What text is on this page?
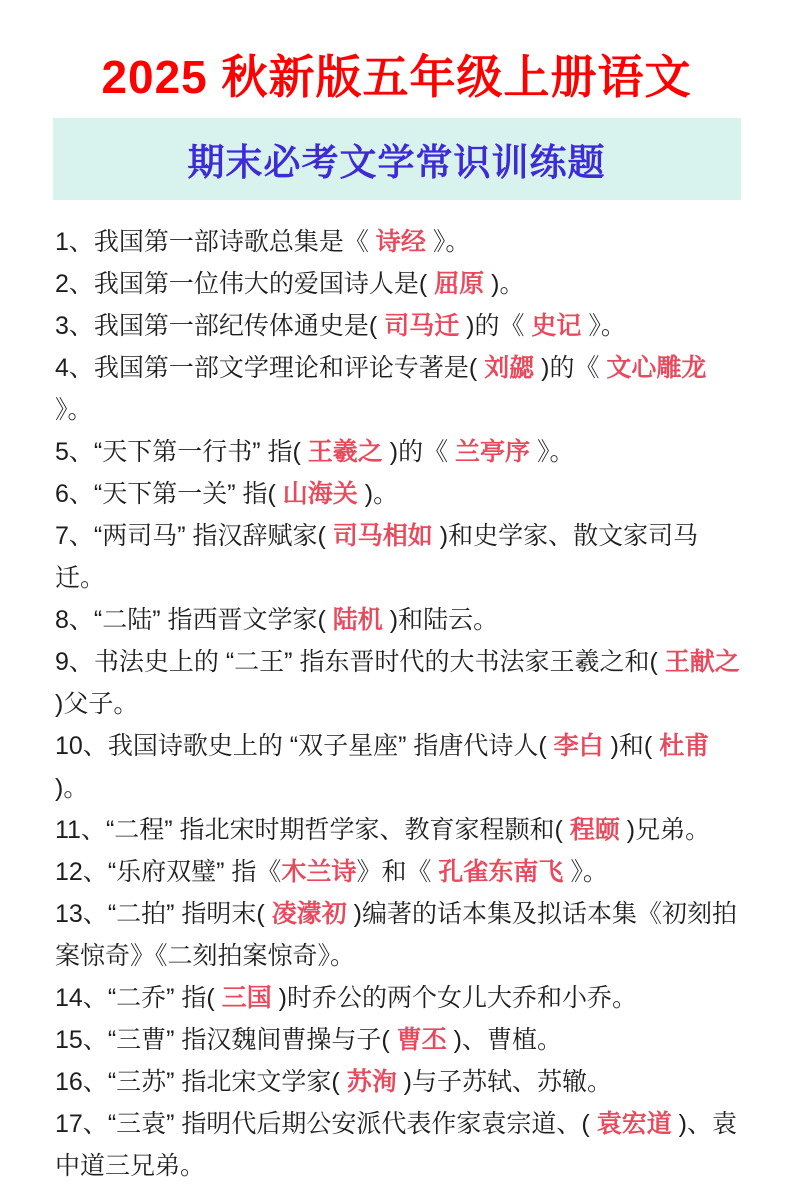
2025 秋新版五年级上册语文
期末必考文学常识训练题
1、我国第一部诗歌总集是《 诗经 》。
2、我国第一位伟大的爱国诗人是( 屈原 )。
3、我国第一部纪传体通史是( 司马迁 )的《 史记 》。
4、我国第一部文学理论和评论专著是( 刘勰 )的《 文心雕龙 》。
5、“天下第一行书” 指( 王羲之 )的《 兰亭序 》。
6、“天下第一关” 指( 山海关 )。
7、“两司马” 指汉辞赋家( 司马相如 )和史学家、散文家司马迁。
8、“二陆” 指西晋文学家( 陆机 )和陆云。
9、书法史上的 “二王” 指东晋时代的大书法家王羲之和( 王献之 )父子。
10、我国诗歌史上的 “双子星座” 指唐代诗人( 李白 )和( 杜甫 )。
11、“二程” 指北宋时期哲学家、教育家程颢和( 程颐 )兄弟。
12、“乐府双璧” 指《木兰诗》和《 孔雀东南飞 》。
13、“二拍” 指明末( 凌濛初 )编著的话本集及拟话本集《初刻拍案惊奇》《二刻拍案惊奇》。
14、“二乔” 指( 三国 )时乔公的两个女儿大乔和小乔。
15、“三曹” 指汉魏间曹操与子( 曹丕 )、曹植。
16、“三苏” 指北宋文学家( 苏洵 )与子苏轼、苏辙。
17、“三袁” 指明代后期公安派代表作家袁宗道、( 袁宏道 )、袁中道三兄弟。
